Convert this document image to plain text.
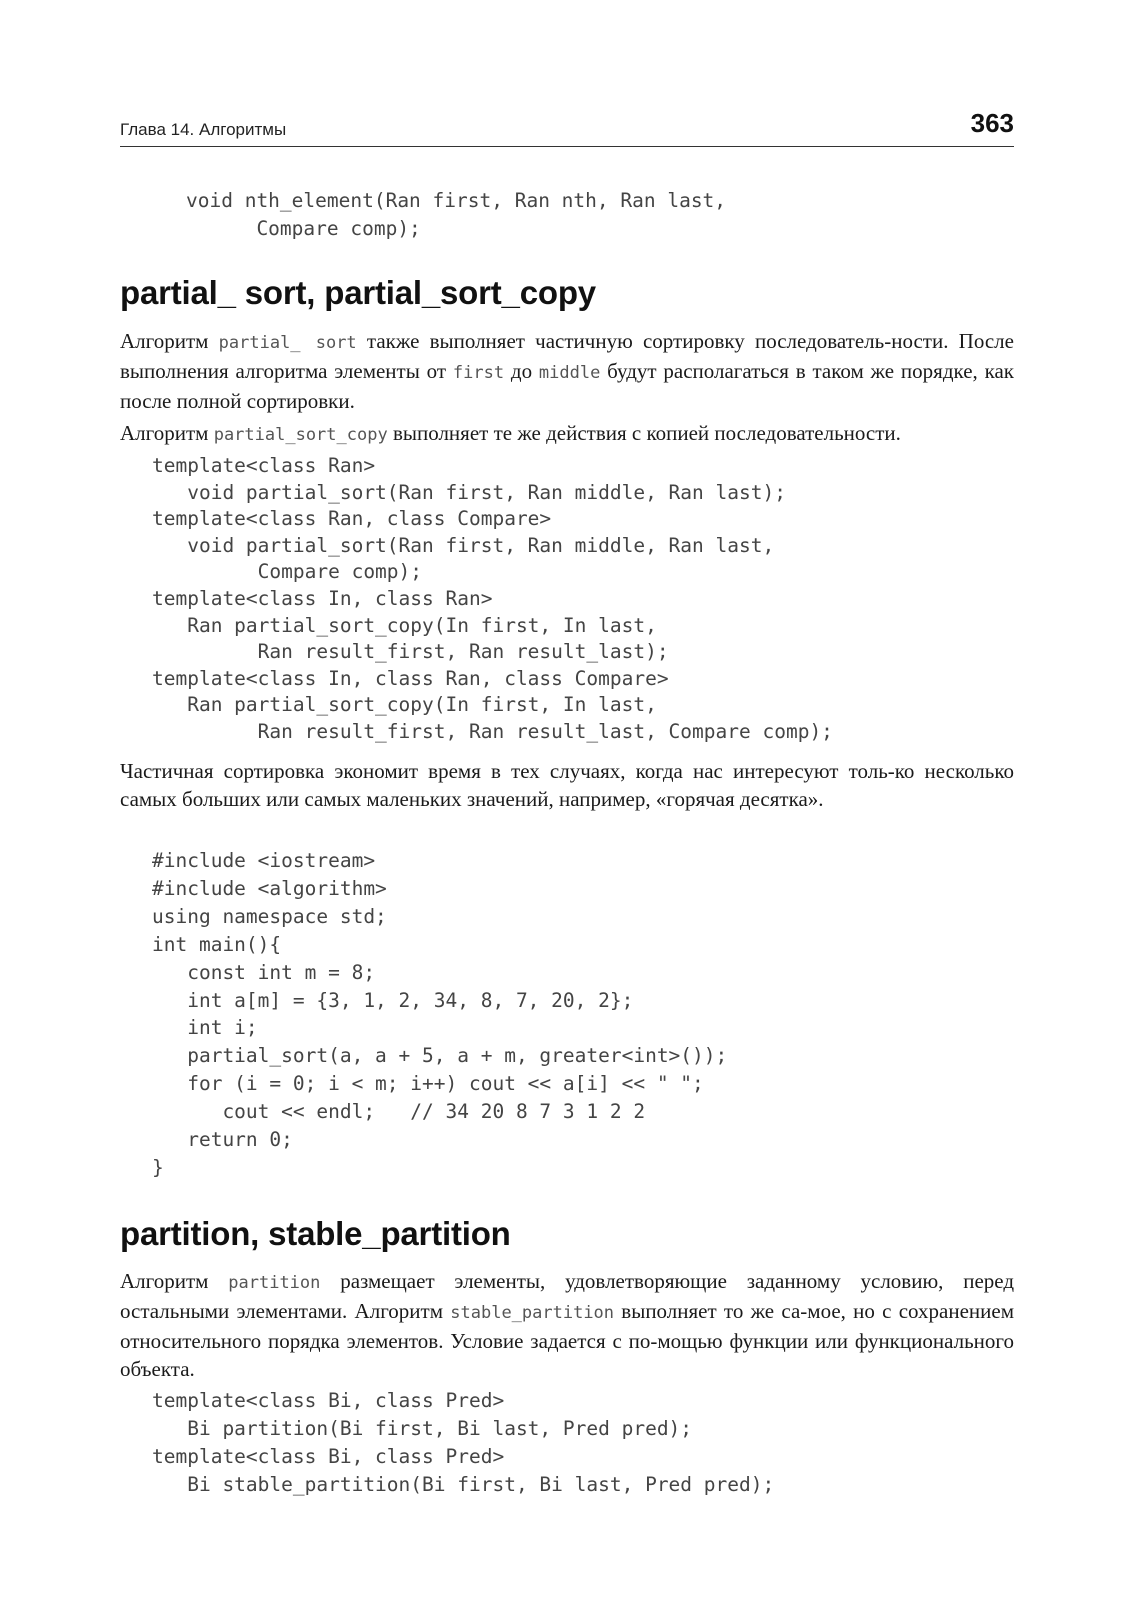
Глава 14. Алгоритмы	363
void nth_element(Ran first, Ran nth, Ran last,
Compare comp);
partial_ sort, partial_sort_copy

Алгоритм partial_ sort также выполняет частичную сортировку последователь-ности. После выполнения алгоритма элементы от first до middle будут располагаться в таком же порядке, как после полной сортировки.

Алгоритм partial_sort_copy выполняет те же действия с копией последовательности.

template<class Ran>
void partial_sort(Ran first, Ran middle, Ran last);
template<class Ran, class Compare>
void partial_sort(Ran first, Ran middle, Ran last,
Compare comp);
template<class In, class Ran>
Ran partial_sort_copy(In first, In last,
Ran result_first, Ran result_last);
template<class In, class Ran, class Compare>
Ran partial_sort_copy(In first, In last,
Ran result_first, Ran result_last, Compare comp);

Частичная сортировка экономит время в тех случаях, когда нас интересуют толь-ко несколько самых больших или самых маленьких значений, например, «горячая десятка».

#include <iostream>
#include <algorithm>
using namespace std;
int main(){
const int m = 8;
int a[m] = {3, 1, 2, 34, 8, 7, 20, 2};
int i;
partial_sort(a, a + 5, a + m, greater<int>());
for (i = 0; i < m; i++) cout << a[i] << " ";
cout << endl;   // 34 20 8 7 3 1 2 2
return 0;
}
partition, stable_partition

Алгоритм partition размещает элементы, удовлетворяющие заданному условию, перед остальными элементами. Алгоритм stable_partition выполняет то же са-мое, но с сохранением относительного порядка элементов. Условие задается с по-мощью функции или функционального объекта.

template<class Bi, class Pred>
Bi partition(Bi first, Bi last, Pred pred);
template<class Bi, class Pred>
Bi stable_partition(Bi first, Bi last, Pred pred);
